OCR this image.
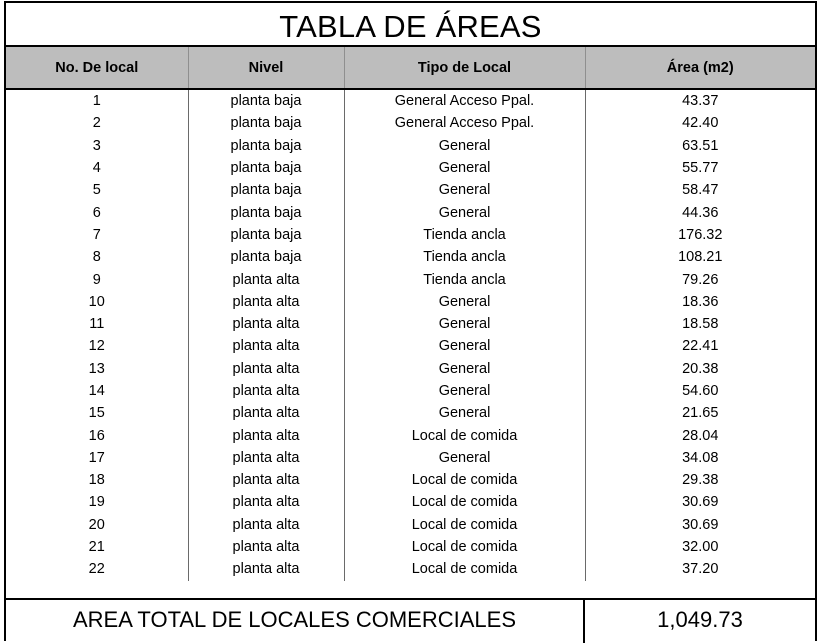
TABLA DE ÁREAS
No. De local	Nivel	Tipo de Local	Área (m2)
1	planta baja	General Acceso Ppal.	43.37
2	planta baja	General Acceso Ppal.	42.40
3	planta baja	General	63.51
4	planta baja	General	55.77
5	planta baja	General	58.47
6	planta baja	General	44.36
7	planta baja	Tienda ancla	176.32
8	planta baja	Tienda ancla	108.21
9	planta alta	Tienda ancla	79.26
10	planta alta	General	18.36
11	planta alta	General	18.58
12	planta alta	General	22.41
13	planta alta	General	20.38
14	planta alta	General	54.60
15	planta alta	General	21.65
16	planta alta	Local de comida	28.04
17	planta alta	General	34.08
18	planta alta	Local de comida	29.38
19	planta alta	Local de comida	30.69
20	planta alta	Local de comida	30.69
21	planta alta	Local de comida	32.00
22	planta alta	Local de comida	37.20
AREA TOTAL DE LOCALES COMERCIALES	1,049.73
